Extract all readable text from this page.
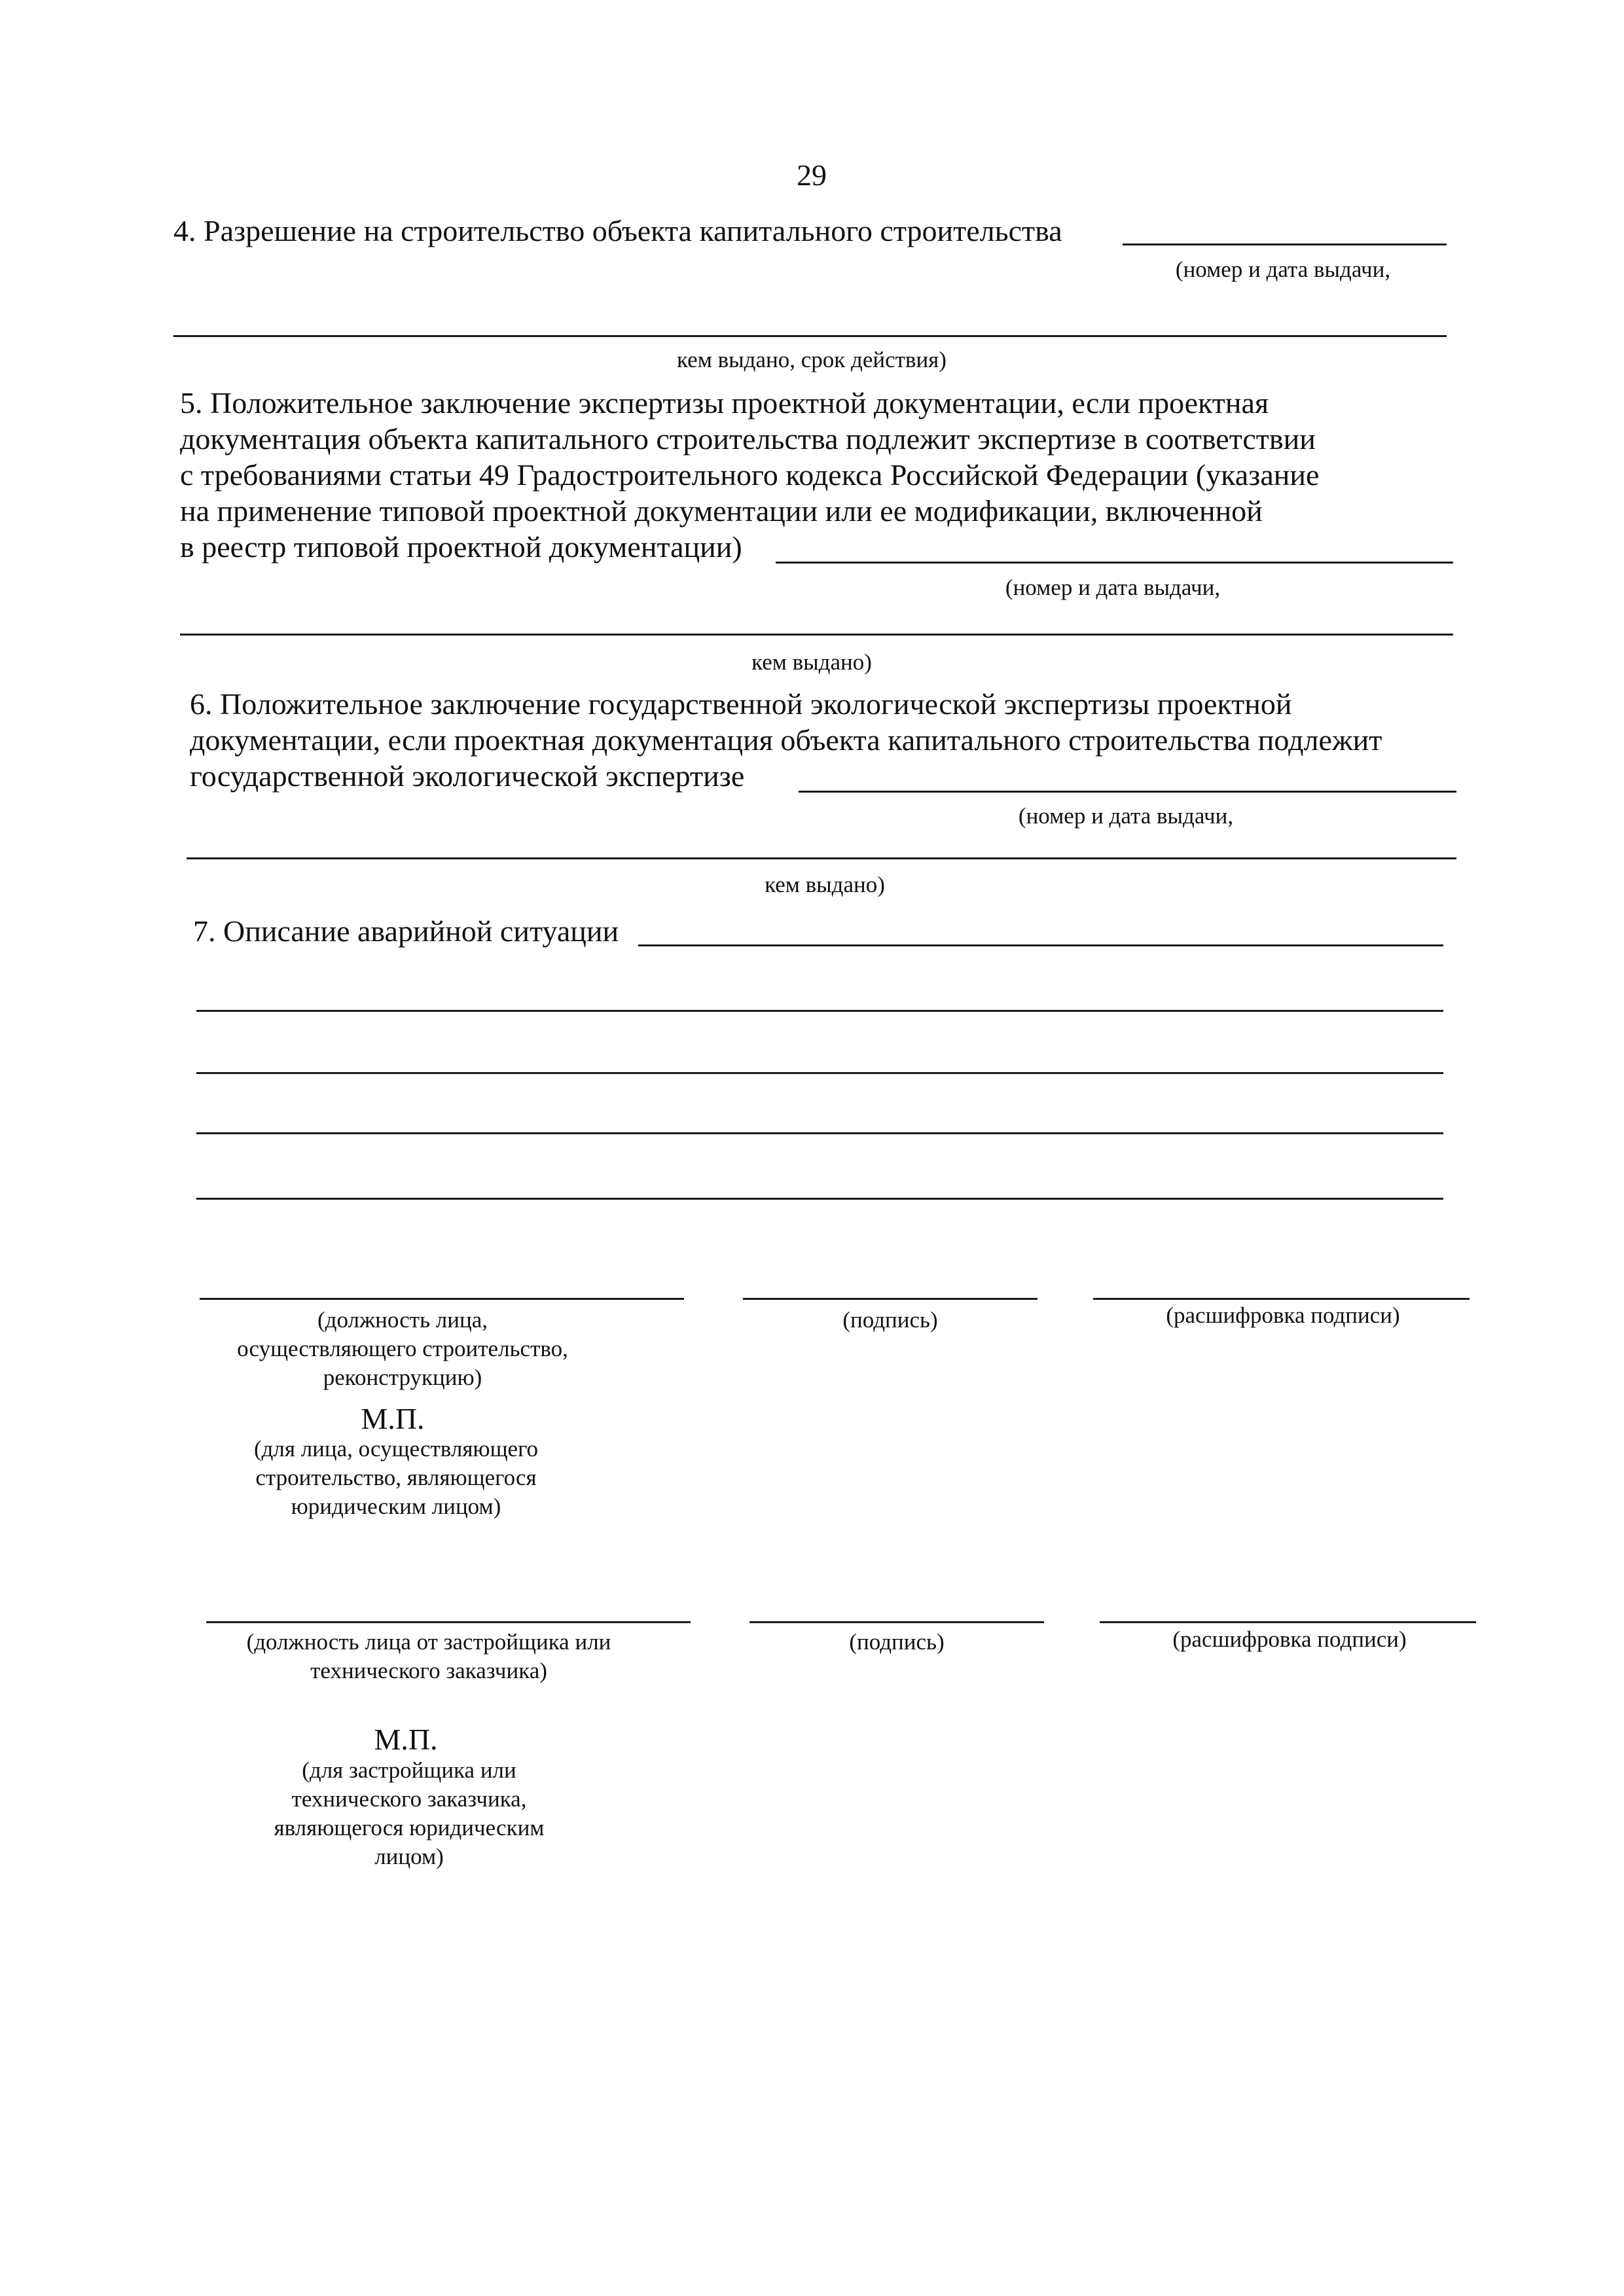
29
4. Разрешение на строительство объекта капитального строительства
(номер и дата выдачи,
кем выдано, срок действия)
5. Положительное заключение экспертизы проектной документации, если проектная
документация объекта капитального строительства подлежит экспертизе в соответствии
с требованиями статьи 49 Градостроительного кодекса Российской Федерации (указание
на применение типовой проектной документации или ее модификации, включенной
в реестр типовой проектной документации)
(номер и дата выдачи,
кем выдано)
6. Положительное заключение государственной экологической экспертизы проектной
документации, если проектная документация объекта капитального строительства подлежит
государственной экологической экспертизе
(номер и дата выдачи,
кем выдано)
7. Описание аварийной ситуации
(должность лица, осуществляющего строительство, реконструкцию)
(подпись)	(расшифровка подписи)
М.П.
(для лица, осуществляющего строительство, являющегося юридическим лицом)
(должность лица от застройщика или технического заказчика)
(подпись)	(расшифровка подписи)
М.П.
(для застройщика или технического заказчика, являющегося юридическим лицом)
